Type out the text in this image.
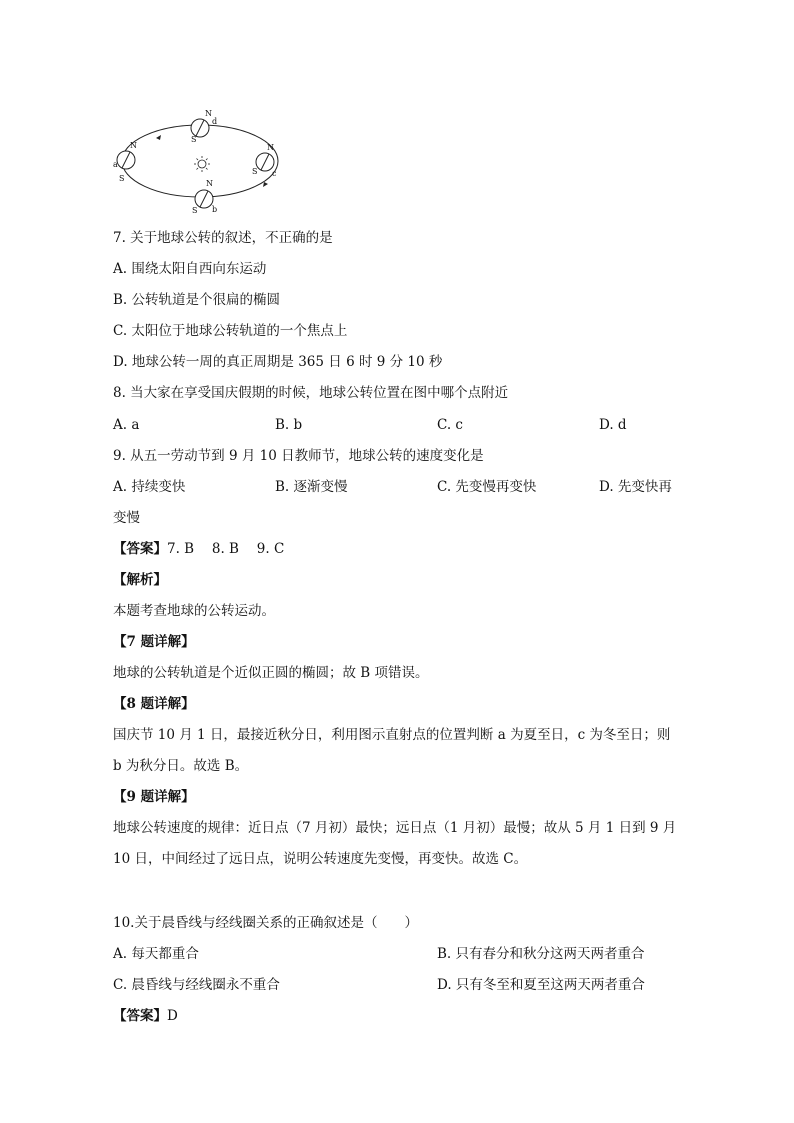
N
d
S
N
a
S
N
S c
N
b
S
7. 关于地球公转的叙述，不正确的是
A. 围绕太阳自西向东运动
B. 公转轨道是个很扁的椭圆
C. 太阳位于地球公转轨道的一个焦点上
D. 地球公转一周的真正周期是 365 日 6 时 9 分 10 秒
8. 当大家在享受国庆假期的时候，地球公转位置在图中哪个点附近
A. a	B. b	C. c	D. d
9. 从五一劳动节到 9 月 10 日教师节，地球公转的速度变化是
A. 持续变快	B. 逐渐变慢	C. 先变慢再变快	D. 先变快再
变慢
【答案】7. B　 8. B　 9. C
【解析】
本题考查地球的公转运动。
【7 题详解】
地球的公转轨道是个近似正圆的椭圆；故 B 项错误。
【8 题详解】
国庆节 10 月 1 日，最接近秋分日，利用图示直射点的位置判断 a 为夏至日，c 为冬至日；则
b 为秋分日。故选 B。
【9 题详解】
地球公转速度的规律：近日点（7 月初）最快；远日点（1 月初）最慢；故从 5 月 1 日到 9 月
10 日，中间经过了远日点，说明公转速度先变慢，再变快。故选 C。
10.关于晨昏线与经线圈关系的正确叙述是（　　）
A. 每天都重合	B. 只有春分和秋分这两天两者重合
C. 晨昏线与经线圈永不重合	D. 只有冬至和夏至这两天两者重合
【答案】D
